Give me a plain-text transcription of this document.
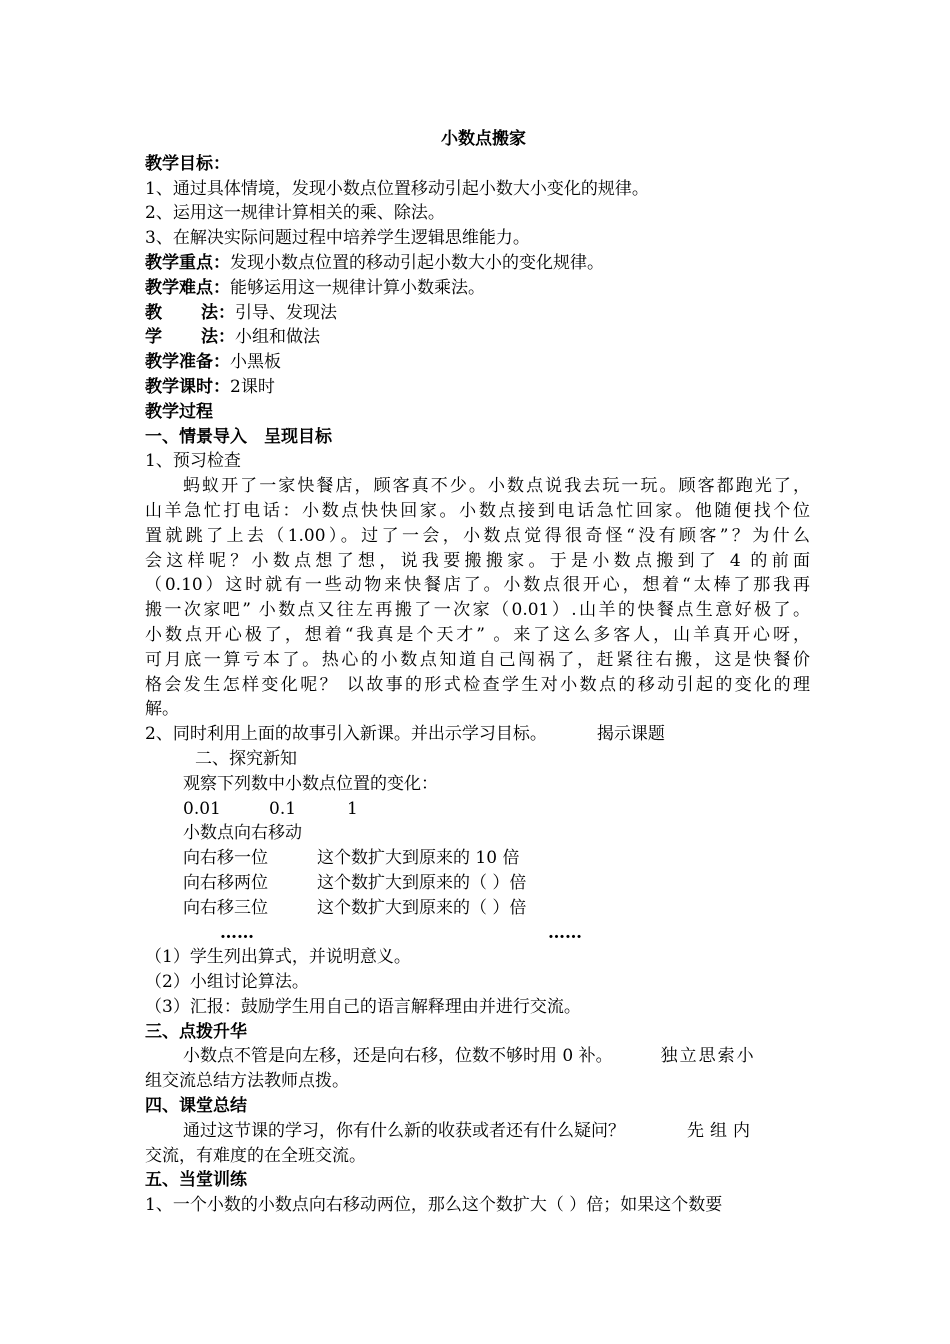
小数点搬家
教学目标：
1、通过具体情境，发现小数点位置移动引起小数大小变化的规律。
2、运用这一规律计算相关的乘、除法。
3、在解决实际问题过程中培养学生逻辑思维能力。
教学重点：发现小数点位置的移动引起小数大小的变化规律。
教学难点：能够运用这一规律计算小数乘法。
教 法：引导、发现法
学 法：小组和做法
教学准备：小黑板
教学课时：2课时
教学过程
一、情景导入　呈现目标
1、预习检查
蚂蚁开了一家快餐店，顾客真不少。小数点说我去玩一玩。顾客都跑光了，
山羊急忙打电话：小数点快快回家。小数点接到电话急忙回家。他随便找个位
置就跳了上去（1.00）。过了一会，小数点觉得很奇怪“没有顾客”？为什么
会这样呢？小数点想了想，说我要搬搬家。于是小数点搬到了 4 的前面
（0.10）这时就有一些动物来快餐店了。小数点很开心，想着“太棒了那我再
搬一次家吧” 小数点又往左再搬了一次家（0.01）.山羊的快餐点生意好极了。
小数点开心极了，想着“我真是个天才” 。来了这么多客人，山羊真开心呀，
可月底一算亏本了。热心的小数点知道自己闯祸了，赶紧往右搬，这是快餐价
格会发生怎样变化呢？ 以故事的形式检查学生对小数点的移动引起的变化的理
解。
2、同时利用上面的故事引入新课。并出示学习目标。	揭示课题
二、探究新知
观察下列数中小数点位置的变化：
0.01	0.1	1
小数点向右移动
向右移一位	这个数扩大到原来的 10 倍
向右移两位	这个数扩大到原来的（ ）倍
向右移三位	这个数扩大到原来的（ ）倍
……	……
（1）学生列出算式，并说明意义。
（2）小组讨论算法。
（3）汇报：鼓励学生用自己的语言解释理由并进行交流。
三、点拨升华
小数点不管是向左移，还是向右移，位数不够时用 0 补。	独立思索小
组交流总结方法教师点拨。
四、课堂总结
通过这节课的学习，你有什么新的收获或者还有什么疑问？	先组内
交流，有难度的在全班交流。
五、当堂训练
1、一个小数的小数点向右移动两位，那么这个数扩大（ ）倍；如果这个数要
